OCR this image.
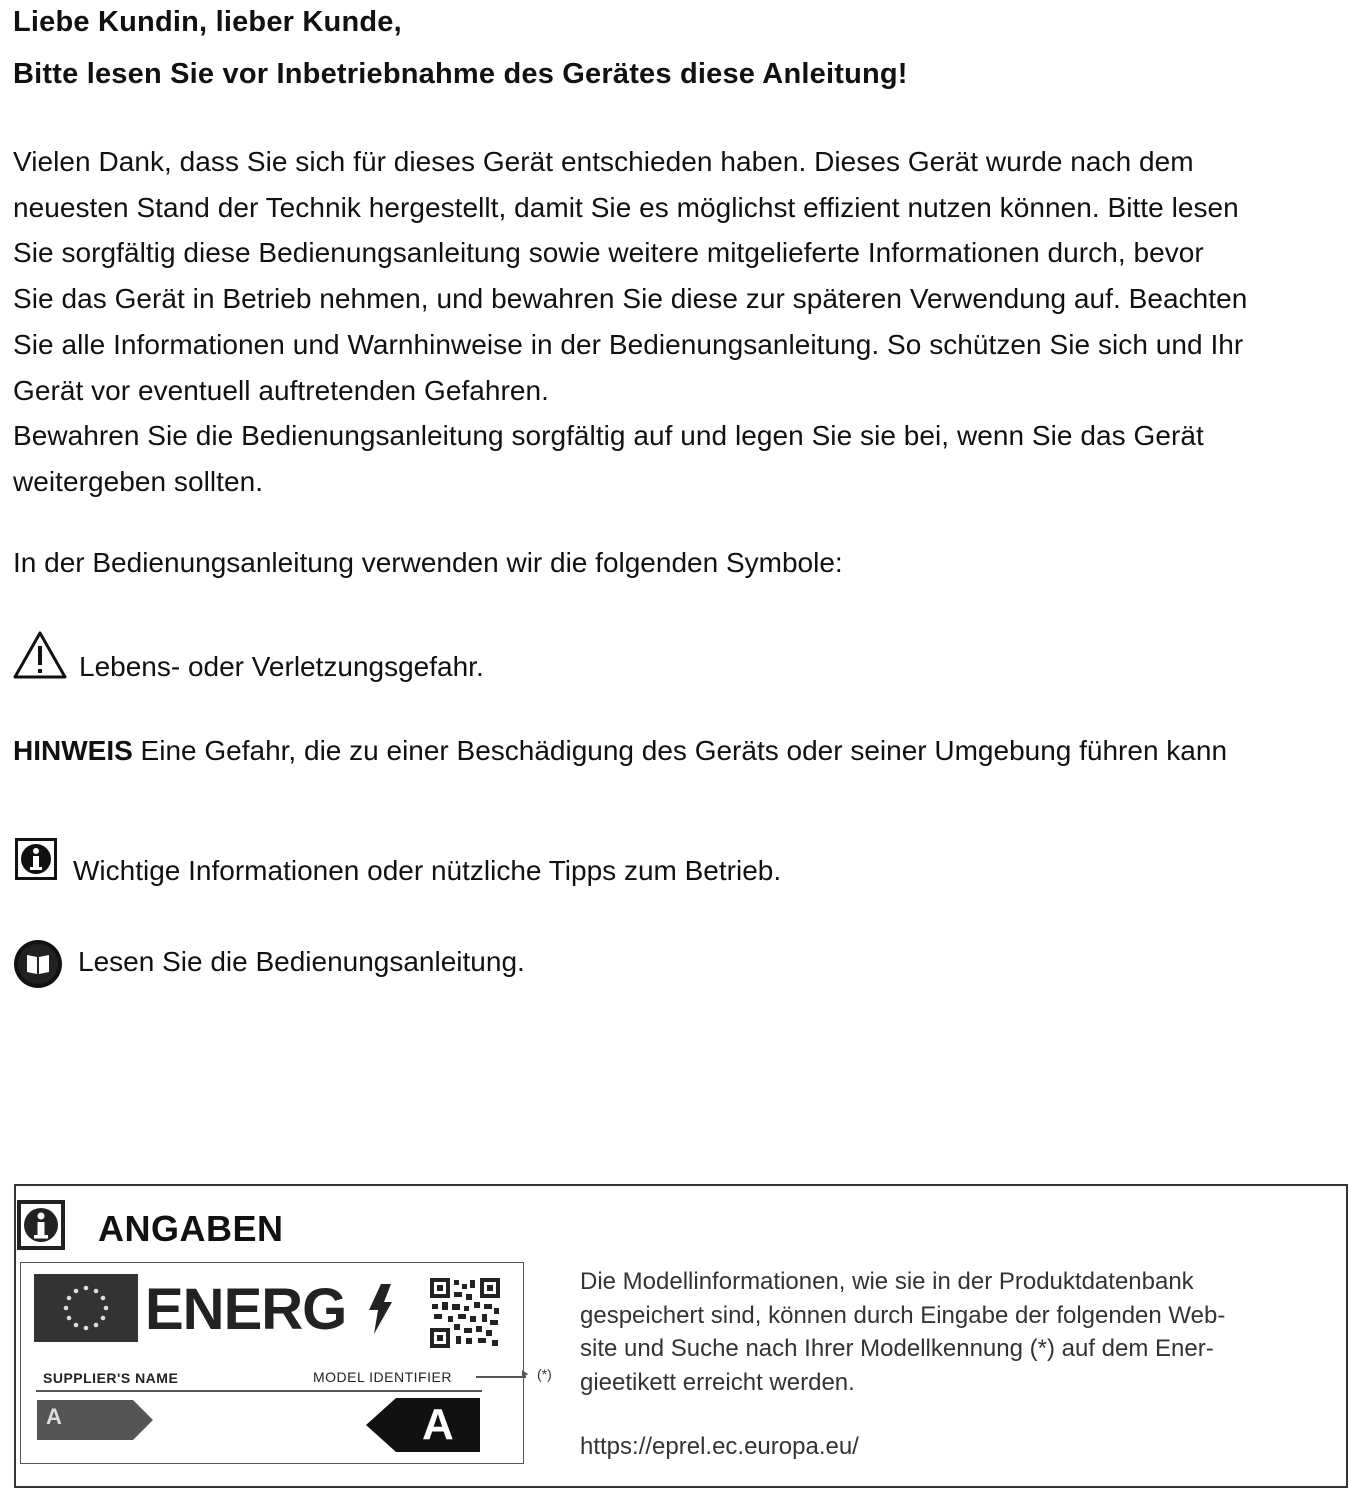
Liebe Kundin, lieber Kunde,
Bitte lesen Sie vor Inbetriebnahme des Gerätes diese Anleitung!
Vielen Dank, dass Sie sich für dieses Gerät entschieden haben. Dieses Gerät wurde nach dem
neuesten Stand der Technik hergestellt, damit Sie es möglichst effizient nutzen können. Bitte lesen
Sie sorgfältig diese Bedienungsanleitung sowie weitere mitgelieferte Informationen durch, bevor
Sie das Gerät in Betrieb nehmen, und bewahren Sie diese zur späteren Verwendung auf. Beachten
Sie alle Informationen und Warnhinweise in der Bedienungsanleitung. So schützen Sie sich und Ihr
Gerät vor eventuell auftretenden Gefahren.
Bewahren Sie die Bedienungsanleitung sorgfältig auf und legen Sie sie bei, wenn Sie das Gerät
weitergeben sollten.
In der Bedienungsanleitung verwenden wir die folgenden Symbole:
Lebens- oder Verletzungsgefahr.
HINWEIS Eine Gefahr, die zu einer Beschädigung des Geräts oder seiner Umgebung führen kann
Wichtige Informationen oder nützliche Tipps zum Betrieb.
Lesen Sie die Bedienungsanleitung.
ANGABEN
ENERG
SUPPLIER'S NAME	MODEL IDENTIFIER	(*)
A	A
Die Modellinformationen, wie sie in der Produktdatenbank
gespeichert sind, können durch Eingabe der folgenden Web-
site und Suche nach Ihrer Modellkennung (*) auf dem Ener-
gieetikett erreicht werden.
https://eprel.ec.europa.eu/
